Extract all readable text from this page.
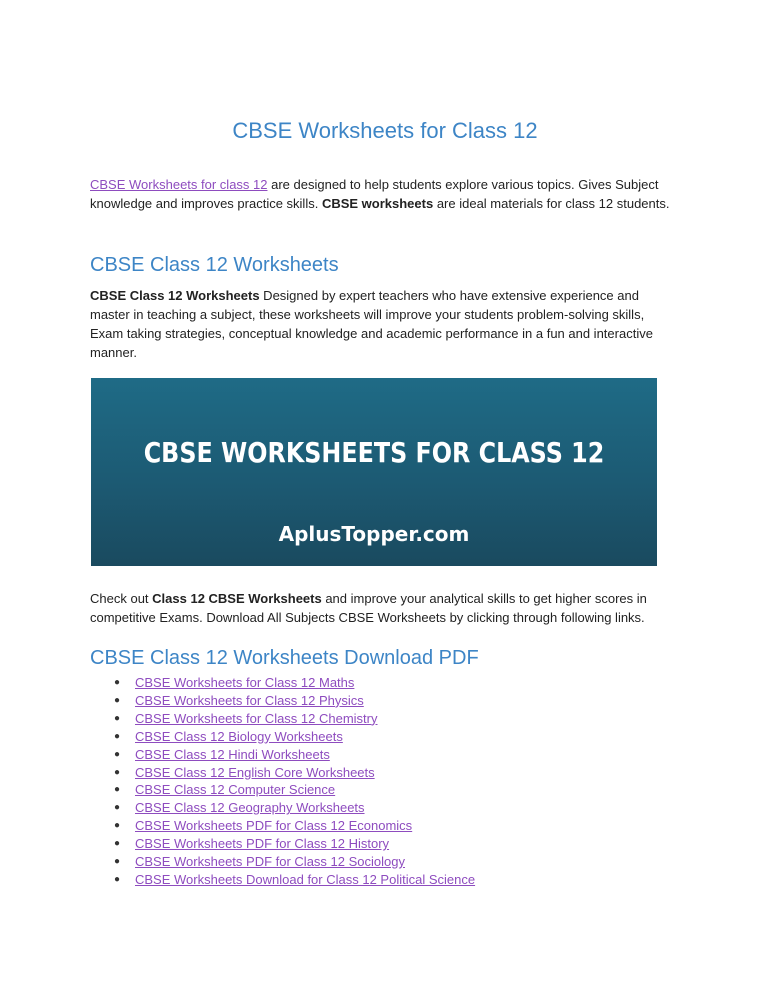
CBSE Worksheets for Class 12

CBSE Worksheets for class 12 are designed to help students explore various topics. Gives Subject knowledge and improves practice skills. CBSE worksheets are ideal materials for class 12 students.

CBSE Class 12 Worksheets

CBSE Class 12 Worksheets Designed by expert teachers who have extensive experience and master in teaching a subject, these worksheets will improve your students problem-solving skills, Exam taking strategies, conceptual knowledge and academic performance in a fun and interactive manner.

CBSE WORKSHEETS FOR CLASS 12
AplusTopper.com

Check out Class 12 CBSE Worksheets and improve your analytical skills to get higher scores in competitive Exams. Download All Subjects CBSE Worksheets by clicking through following links.

CBSE Class 12 Worksheets Download PDF
● CBSE Worksheets for Class 12 Maths
● CBSE Worksheets for Class 12 Physics
● CBSE Worksheets for Class 12 Chemistry
● CBSE Class 12 Biology Worksheets
● CBSE Class 12 Hindi Worksheets
● CBSE Class 12 English Core Worksheets
● CBSE Class 12 Computer Science
● CBSE Class 12 Geography Worksheets
● CBSE Worksheets PDF for Class 12 Economics
● CBSE Worksheets PDF for Class 12 History
● CBSE Worksheets PDF for Class 12 Sociology
● CBSE Worksheets Download for Class 12 Political Science
